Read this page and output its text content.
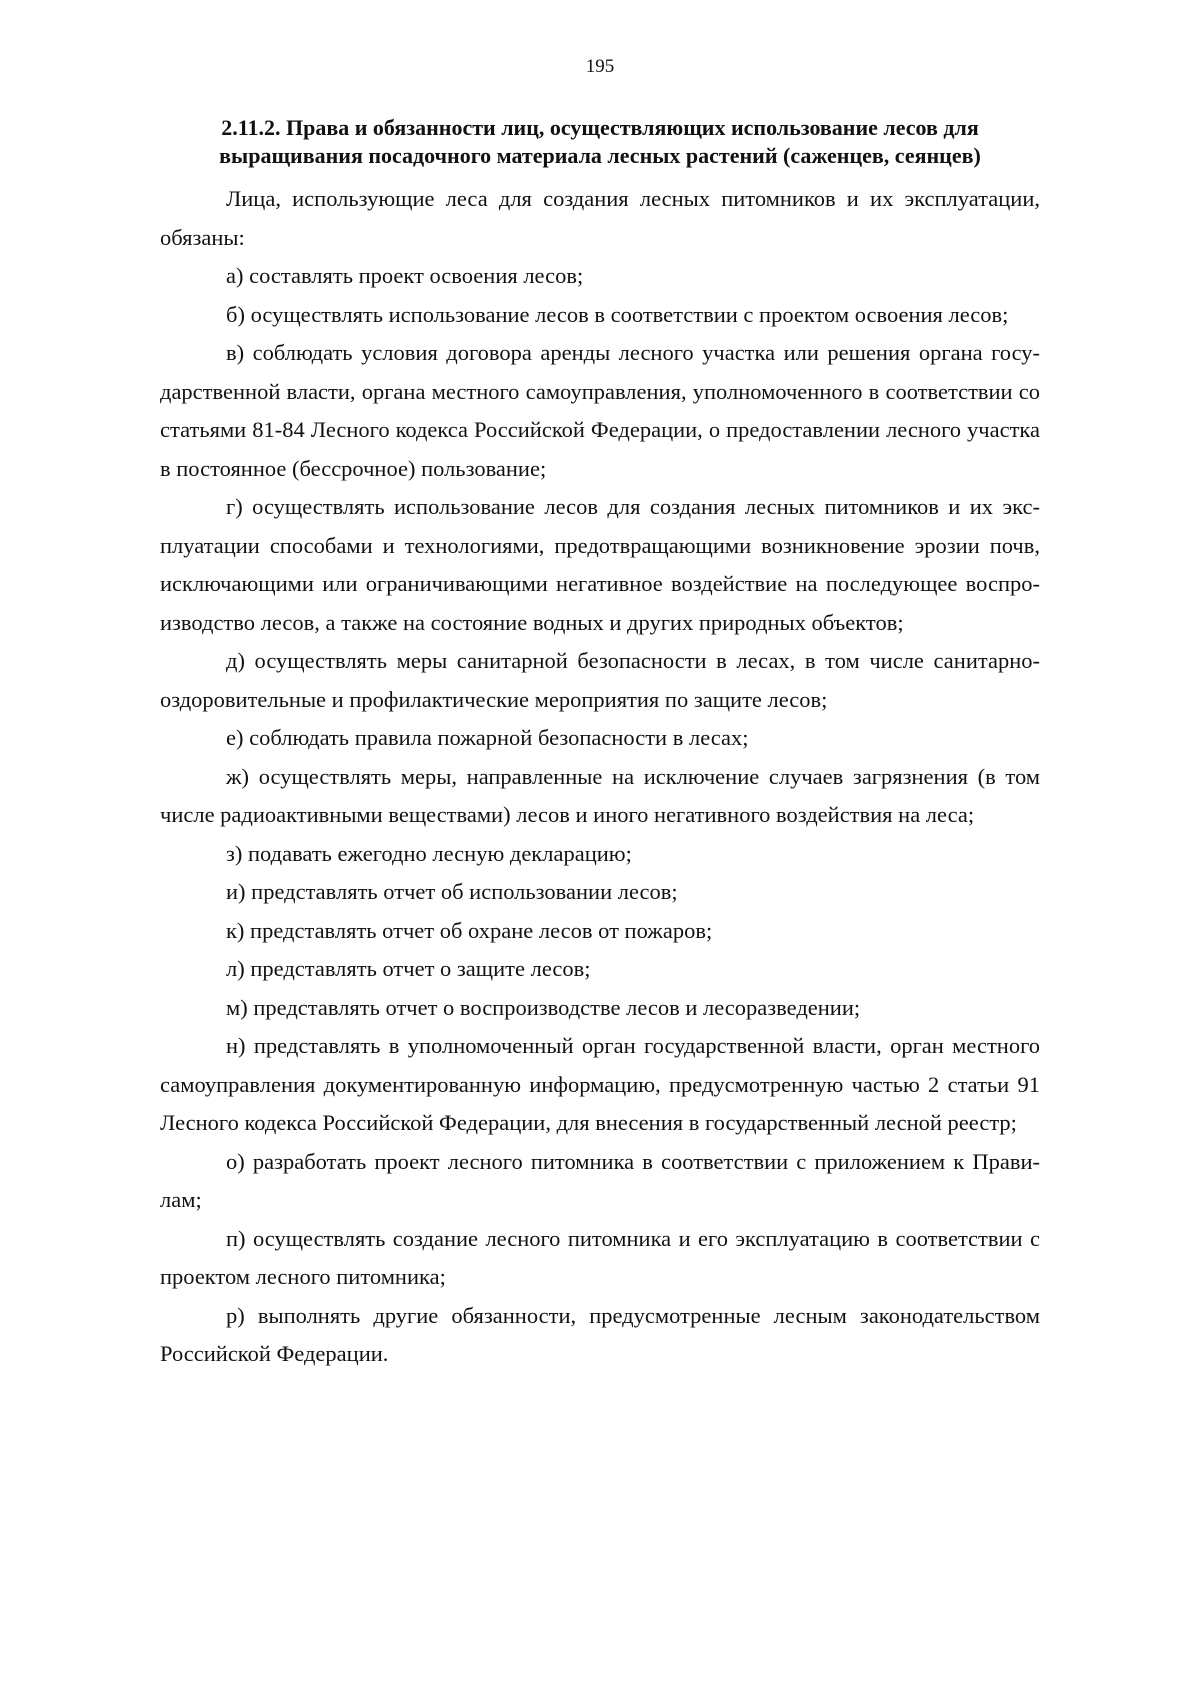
195
2.11.2. Права и обязанности лиц, осуществляющих использование лесов для
выращивания посадочного материала лесных растений (саженцев, сеянцев)

Лица, использующие леса для создания лесных питомников и их эксплуатации, обязаны:

а) составлять проект освоения лесов;

б) осуществлять использование лесов в соответствии с проектом освоения лесов;

в) соблюдать условия договора аренды лесного участка или решения органа госу-дарственной власти, органа местного самоуправления, уполномоченного в соответствии со статьями 81-84 Лесного кодекса Российской Федерации, о предоставлении лесного участка в постоянное (бессрочное) пользование;

г) осуществлять использование лесов для создания лесных питомников и их экс-плуатации способами и технологиями, предотвращающими возникновение эрозии почв, исключающими или ограничивающими негативное воздействие на последующее воспро-изводство лесов, а также на состояние водных и других природных объектов;

д) осуществлять меры санитарной безопасности в лесах, в том числе санитарно-оздоровительные и профилактические мероприятия по защите лесов;

е) соблюдать правила пожарной безопасности в лесах;

ж) осуществлять меры, направленные на исключение случаев загрязнения (в том числе радиоактивными веществами) лесов и иного негативного воздействия на леса;

з) подавать ежегодно лесную декларацию;

и) представлять отчет об использовании лесов;

к) представлять отчет об охране лесов от пожаров;

л) представлять отчет о защите лесов;

м) представлять отчет о воспроизводстве лесов и лесоразведении;

н) представлять в уполномоченный орган государственной власти, орган местного самоуправления документированную информацию, предусмотренную частью 2 статьи 91 Лесного кодекса Российской Федерации, для внесения в государственный лесной реестр;

о) разработать проект лесного питомника в соответствии с приложением к Прави-лам;

п) осуществлять создание лесного питомника и его эксплуатацию в соответствии с проектом лесного питомника;

р) выполнять другие обязанности, предусмотренные лесным законодательством Российской Федерации.
